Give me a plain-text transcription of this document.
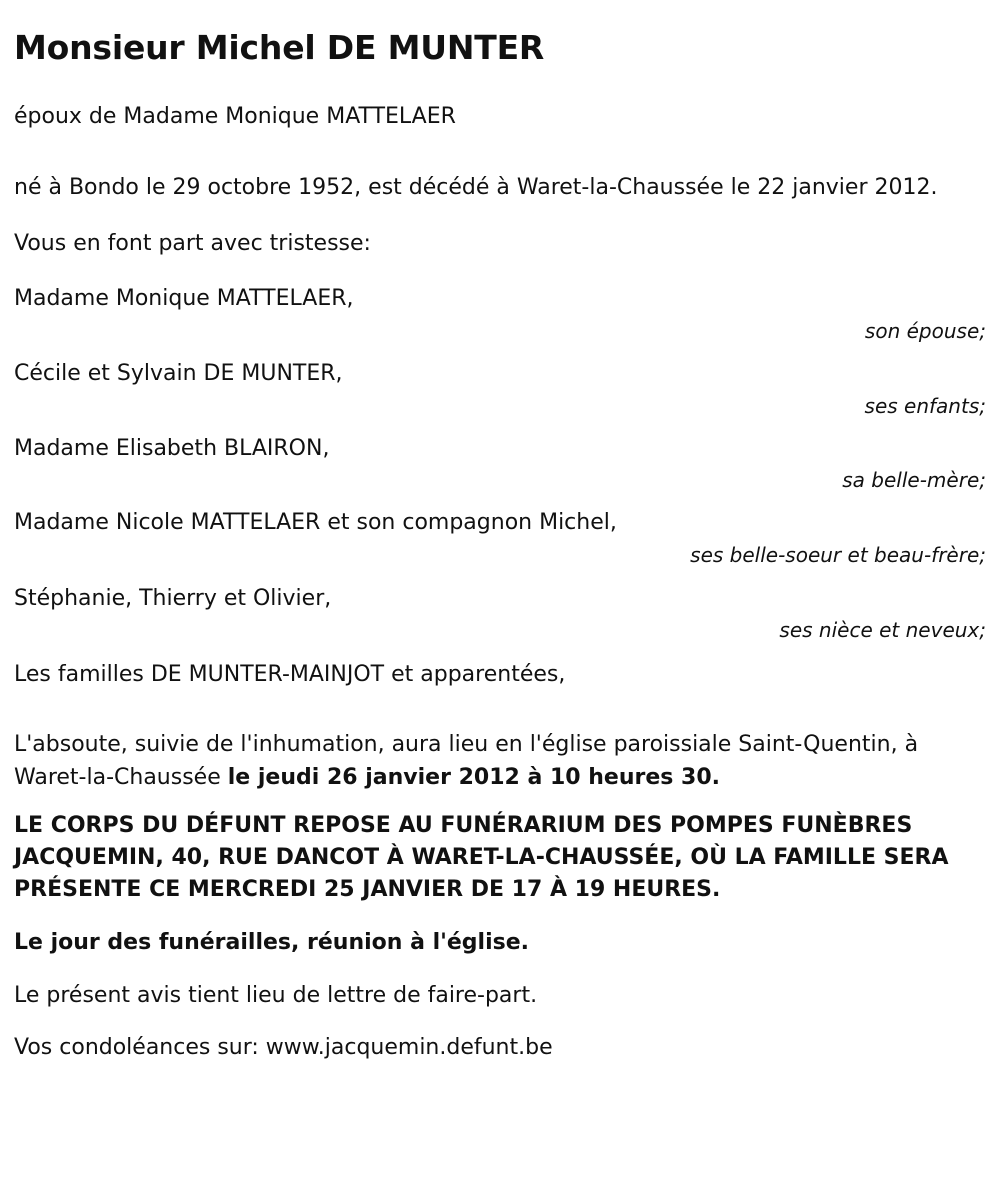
Monsieur Michel DE MUNTER

époux de Madame Monique MATTELAER

né à Bondo le 29 octobre 1952, est décédé à Waret-la-Chaussée le 22 janvier 2012.

Vous en font part avec tristesse:

Madame Monique MATTELAER,
son épouse;
Cécile et Sylvain DE MUNTER,
ses enfants;
Madame Elisabeth BLAIRON,
sa belle-mère;
Madame Nicole MATTELAER et son compagnon Michel,
ses belle-soeur et beau-frère;
Stéphanie, Thierry et Olivier,
ses nièce et neveux;

Les familles DE MUNTER-MAINJOT et apparentées,

L'absoute, suivie de l'inhumation, aura lieu en l'église paroissiale Saint-Quentin, à Waret-la-Chaussée le jeudi 26 janvier 2012 à 10 heures 30.

LE CORPS DU DÉFUNT REPOSE AU FUNÉRARIUM DES POMPES FUNÈBRES JACQUEMIN, 40, RUE DANCOT À WARET-LA-CHAUSSÉE, OÙ LA FAMILLE SERA PRÉSENTE CE MERCREDI 25 JANVIER DE 17 À 19 HEURES.

Le jour des funérailles, réunion à l'église.

Le présent avis tient lieu de lettre de faire-part.

Vos condoléances sur: www.jacquemin.defunt.be
